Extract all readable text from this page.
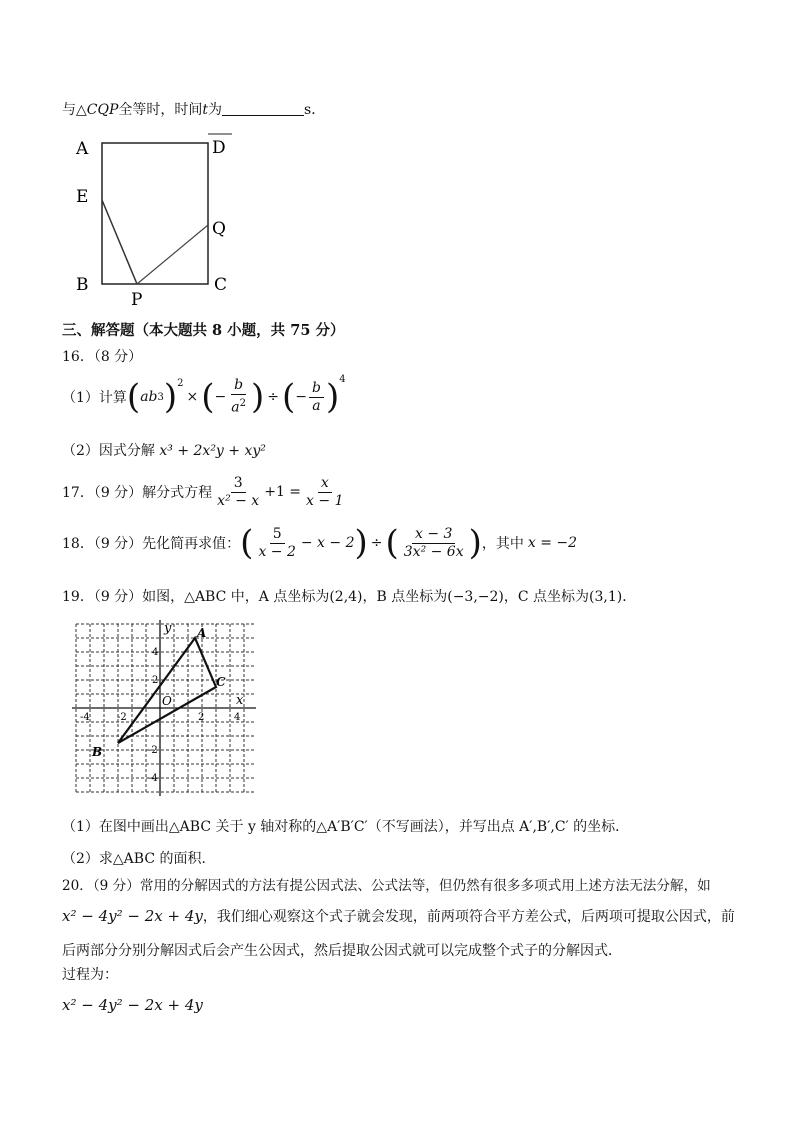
与△CQP全等时，时间t为	s．
A	D
E
Q
B	C
P
三、解答题（本大题共 8 小题，共 75 分）
16．（8 分）
（1）计算 ( ab 3 )$^2$
× ( − $\frac{b}{a^2}$ ) ÷ ( − $\frac{b}{a} )^4$
（2）因式分解 x³ + 2x²y + xy²
17．（9 分）解分式方程 $\frac{3}{\text{x² − x}} +1 = \frac{x}{x - 1}$
18．（9 分）先化简再求值： ( $\frac{5}{x - 2} - x - 2$ ) ÷ ( $\frac{x - 3}{\text{3x² − 6x}}$ ) ，其中 x = −2
19．（9 分）如图，△ABC 中，A 点坐标为(2,4)，B 点坐标为(−3,−2)，C 点坐标为(3,1)．
y
x
O
A
B
C
-4	-2	2	4
4
2
-2
-4
（1）在图中画出△ABC 关于 y 轴对称的△A′B′C′（不写画法），并写出点 A′,B′,C′ 的坐标．
（2）求△ABC 的面积．
20．（9 分）常用的分解因式的方法有提公因式法、公式法等，但仍然有很多多项式用上述方法无法分解，如
x² − 4y² − 2x + 4y，我们细心观察这个式子就会发现，前两项符合平方差公式，后两项可提取公因式，前
后两部分分别分解因式后会产生公因式，然后提取公因式就可以完成整个式子的分解因式．
过程为：
x² − 4y² − 2x + 4y
